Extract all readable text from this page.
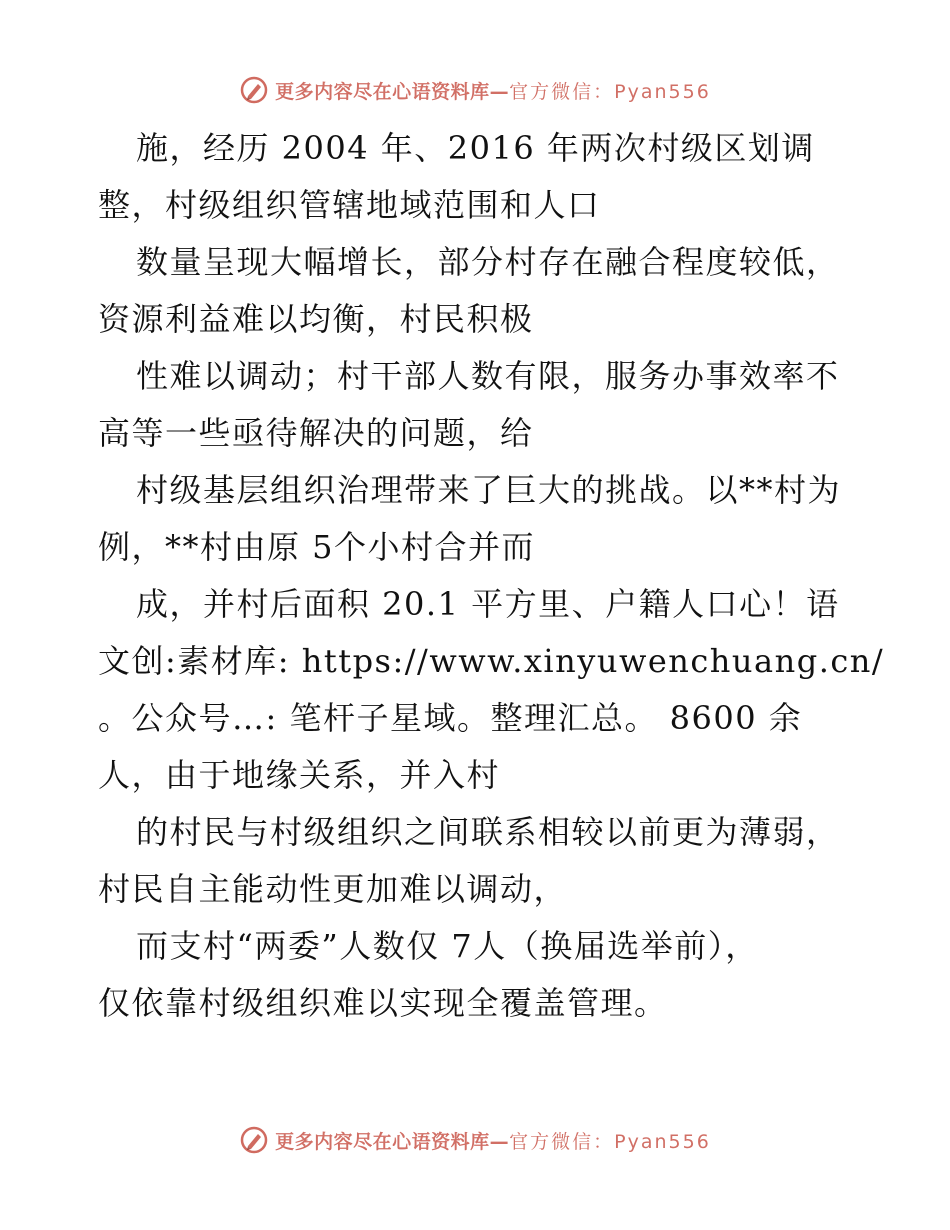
更多内容尽在心语资料库—官方微信：Pyan556
施，经历 2004 年、2016 年两次村级区划调
整，村级组织管辖地域范围和人口
数量呈现大幅增长，部分村存在融合程度较低，
资源利益难以均衡，村民积极
性难以调动；村干部人数有限，服务办事效率不
高等一些亟待解决的问题，给
村级基层组织治理带来了巨大的挑战。以**村为
例，**村由原 5个小村合并而
成，并村后面积 20.1 平方里、户籍人口心！语
文创:素材库: https://www.xinyuwenchuang.cn/
。公众号…: 笔杆子星域。整理汇总。 8600 余
人，由于地缘关系，并入村
的村民与村级组织之间联系相较以前更为薄弱，
村民自主能动性更加难以调动，
而支村“两委”人数仅 7人（换届选举前），
仅依靠村级组织难以实现全覆盖管理。
更多内容尽在心语资料库—官方微信：Pyan556
